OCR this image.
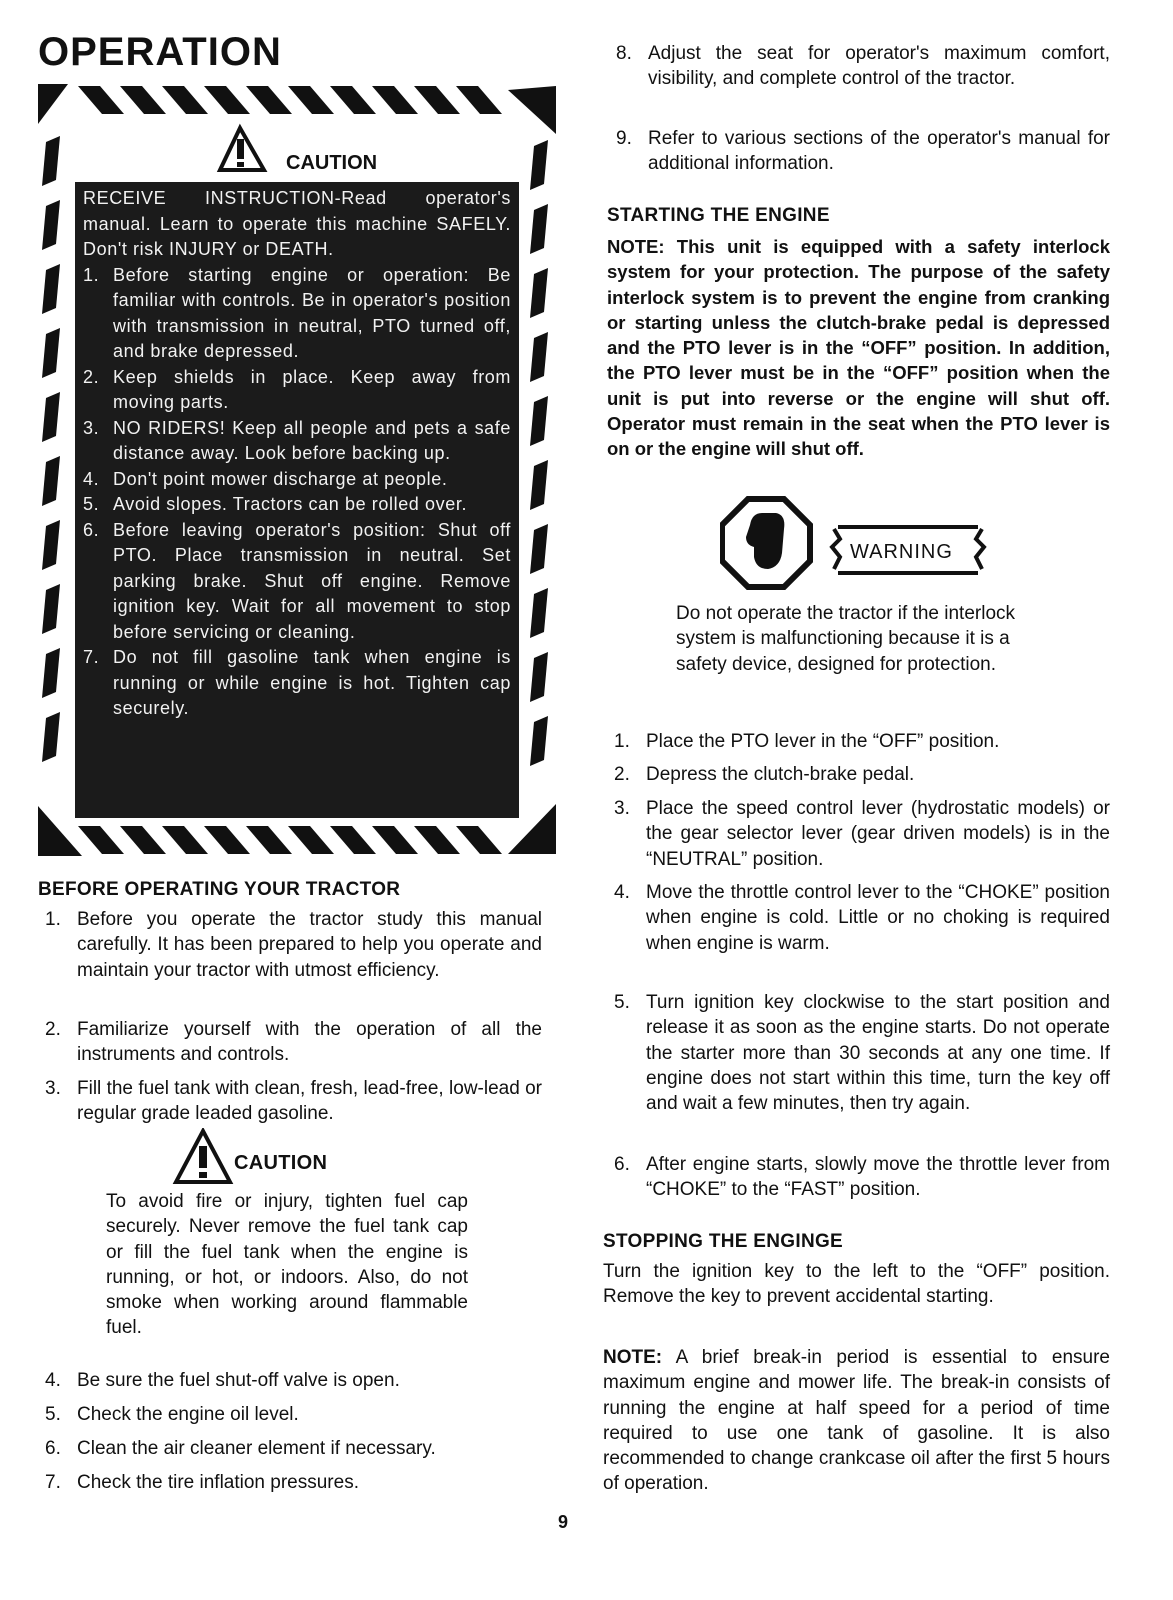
OPERATION
CAUTION
RECEIVE INSTRUCTION-Read operator's manual. Learn to operate this machine SAFELY. Don't risk INJURY or DEATH.
1. Before starting engine or operation: Be familiar with controls. Be in operator's position with transmission in neutral, PTO turned off, and brake depressed.
2. Keep shields in place. Keep away from moving parts.
3. NO RIDERS! Keep all people and pets a safe distance away. Look before backing up.
4. Don't point mower discharge at people.
5. Avoid slopes. Tractors can be rolled over.
6. Before leaving operator's position: Shut off PTO. Place transmission in neutral. Set parking brake. Shut off engine. Remove ignition key. Wait for all movement to stop before servicing or cleaning.
7. Do not fill gasoline tank when engine is running or while engine is hot. Tighten cap securely.
BEFORE OPERATING YOUR TRACTOR
1. Before you operate the tractor study this manual carefully. It has been prepared to help you operate and maintain your tractor with utmost efficiency.
2. Familiarize yourself with the operation of all the instruments and controls.
3. Fill the fuel tank with clean, fresh, lead-free, low-lead or regular grade leaded gasoline.
CAUTION
To avoid fire or injury, tighten fuel cap securely. Never remove the fuel tank cap or fill the fuel tank when the engine is running, or hot, or indoors. Also, do not smoke when working around flammable fuel.
4. Be sure the fuel shut-off valve is open.
5. Check the engine oil level.
6. Clean the air cleaner element if necessary.
7. Check the tire inflation pressures.
8. Adjust the seat for operator's maximum comfort, visibility, and complete control of the tractor.
9. Refer to various sections of the operator's manual for additional information.
STARTING THE ENGINE
NOTE: This unit is equipped with a safety interlock system for your protection. The purpose of the safety interlock system is to prevent the engine from cranking or starting unless the clutch-brake pedal is depressed and the PTO lever is in the “OFF” position. In addition, the PTO lever must be in the “OFF” position when the unit is put into reverse or the engine will shut off. Operator must remain in the seat when the PTO lever is on or the engine will shut off.
WARNING
Do not operate the tractor if the interlock system is malfunctioning because it is a safety device, designed for protection.
1. Place the PTO lever in the “OFF” position.
2. Depress the clutch-brake pedal.
3. Place the speed control lever (hydrostatic models) or the gear selector lever (gear driven models) is in the “NEUTRAL” position.
4. Move the throttle control lever to the “CHOKE” position when engine is cold. Little or no choking is required when engine is warm.
5. Turn ignition key clockwise to the start position and release it as soon as the engine starts. Do not operate the starter more than 30 seconds at any one time. If engine does not start within this time, turn the key off and wait a few minutes, then try again.
6. After engine starts, slowly move the throttle lever from “CHOKE” to the “FAST” position.
STOPPING THE ENGINGE
Turn the ignition key to the left to the “OFF” position. Remove the key to prevent accidental starting.
NOTE: A brief break-in period is essential to ensure maximum engine and mower life. The break-in consists of running the engine at half speed for a period of time required to use one tank of gasoline. It is also recommended to change crankcase oil after the first 5 hours of operation.
9
